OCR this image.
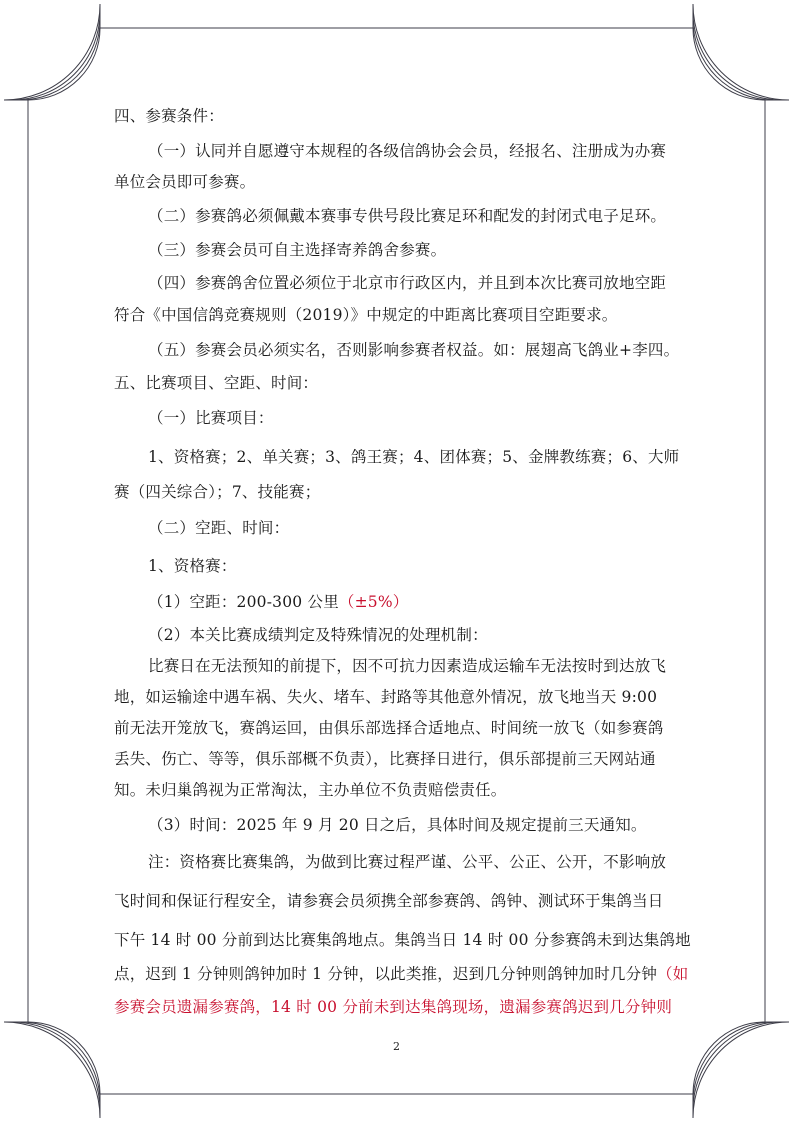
四、参赛条件：
（一）认同并自愿遵守本规程的各级信鸽协会会员，经报名、注册成为办赛
单位会员即可参赛。
（二）参赛鸽必须佩戴本赛事专供号段比赛足环和配发的封闭式电子足环。
（三）参赛会员可自主选择寄养鸽舍参赛。
（四）参赛鸽舍位置必须位于北京市行政区内，并且到本次比赛司放地空距
符合《中国信鸽竞赛规则（2019）》中规定的中距离比赛项目空距要求。
（五）参赛会员必须实名，否则影响参赛者权益。如：展翅高飞鸽业+李四。
五、比赛项目、空距、时间：
（一）比赛项目：
1、资格赛；2、单关赛；3、鸽王赛；4、团体赛；5、金牌教练赛；6、大师
赛（四关综合）；7、技能赛；
（二）空距、时间：
1、资格赛：
（1）空距：200-300 公里（±5%）
（2）本关比赛成绩判定及特殊情况的处理机制：
比赛日在无法预知的前提下，因不可抗力因素造成运输车无法按时到达放飞
地，如运输途中遇车祸、失火、堵车、封路等其他意外情况，放飞地当天 9:00
前无法开笼放飞，赛鸽运回，由俱乐部选择合适地点、时间统一放飞（如参赛鸽
丢失、伤亡、等等，俱乐部概不负责），比赛择日进行，俱乐部提前三天网站通
知。未归巢鸽视为正常淘汰，主办单位不负责赔偿责任。
（3）时间：2025 年 9 月 20 日之后，具体时间及规定提前三天通知。
注：资格赛比赛集鸽，为做到比赛过程严谨、公平、公正、公开，不影响放
飞时间和保证行程安全，请参赛会员须携全部参赛鸽、鸽钟、测试环于集鸽当日
下午 14 时 00 分前到达比赛集鸽地点。集鸽当日 14 时 00 分参赛鸽未到达集鸽地
点，迟到 1 分钟则鸽钟加时 1 分钟，以此类推，迟到几分钟则鸽钟加时几分钟（如
参赛会员遗漏参赛鸽，14 时 00 分前未到达集鸽现场，遗漏参赛鸽迟到几分钟则
2
